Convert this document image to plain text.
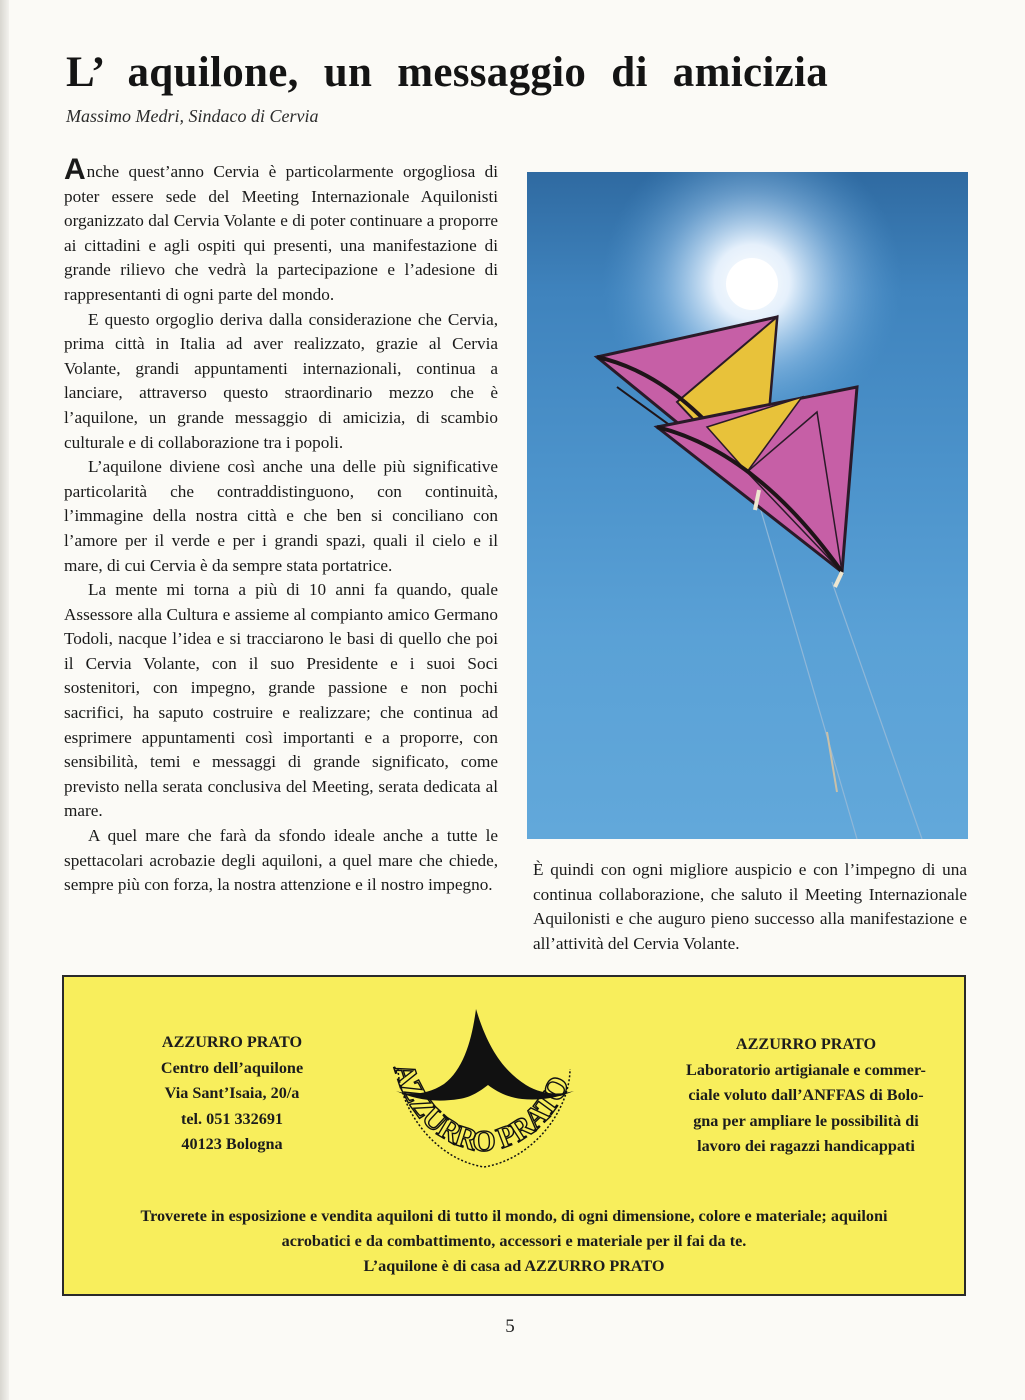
L’ aquilone, un messaggio di amicizia

Massimo Medri, Sindaco di Cervia

Anche quest’anno Cervia è particolarmente orgogliosa di poter essere sede del Meeting Internazionale Aquilonisti organizzato dal Cervia Volante e di poter continuare a proporre ai cittadini e agli ospiti qui presenti, una manifestazione di grande rilievo che vedrà la partecipazione e l’adesione di rappresentanti di ogni parte del mondo.

E questo orgoglio deriva dalla considerazione che Cervia, prima città in Italia ad aver realizzato, grazie al Cervia Volante, grandi appuntamenti internazionali, continua a lanciare, attraverso questo straordinario mezzo che è l’aquilone, un grande messaggio di amicizia, di scambio culturale e di collaborazione tra i popoli.

L’aquilone diviene così anche una delle più significative particolarità che contraddistinguono, con continuità, l’immagine della nostra città e che ben si conciliano con l’amore per il verde e per i grandi spazi, quali il cielo e il mare, di cui Cervia è da sempre stata portatrice.

La mente mi torna a più di 10 anni fa quando, quale Assessore alla Cultura e assieme al compianto amico Germano Todoli, nacque l’idea e si tracciarono le basi di quello che poi il Cervia Volante, con il suo Presidente e i suoi Soci sostenitori, con impegno, grande passione e non pochi sacrifici, ha saputo costruire e realizzare; che continua ad esprimere appuntamenti così importanti e a proporre, con sensibilità, temi e messaggi di grande significato, come previsto nella serata conclusiva del Meeting, serata dedicata al mare.

A quel mare che farà da sfondo ideale anche a tutte le spettacolari acrobazie degli aquiloni, a quel mare che chiede, sempre più con forza, la nostra attenzione e il nostro impegno.

È quindi con ogni migliore auspicio e con l’impegno di una continua collaborazione, che saluto il Meeting Internazionale Aquilonisti e che auguro pieno successo alla manifestazione e all’attività del Cervia Volante.

AZZURRO PRATO
Centro dell’aquilone
Via Sant’Isaia, 20/a
tel. 051 332691
40123 Bologna
AZZURRO PRATO
AZZURRO PRATO
Laboratorio artigianale e commer-
ciale voluto dall’ANFFAS di Bolo-
gna per ampliare le possibilità di
lavoro dei ragazzi handicappati
Troverete in esposizione e vendita aquiloni di tutto il mondo, di ogni dimensione, colore e materiale; aquiloni
acrobatici e da combattimento, accessori e materiale per il fai da te.
L’aquilone è di casa ad AZZURRO PRATO
5
